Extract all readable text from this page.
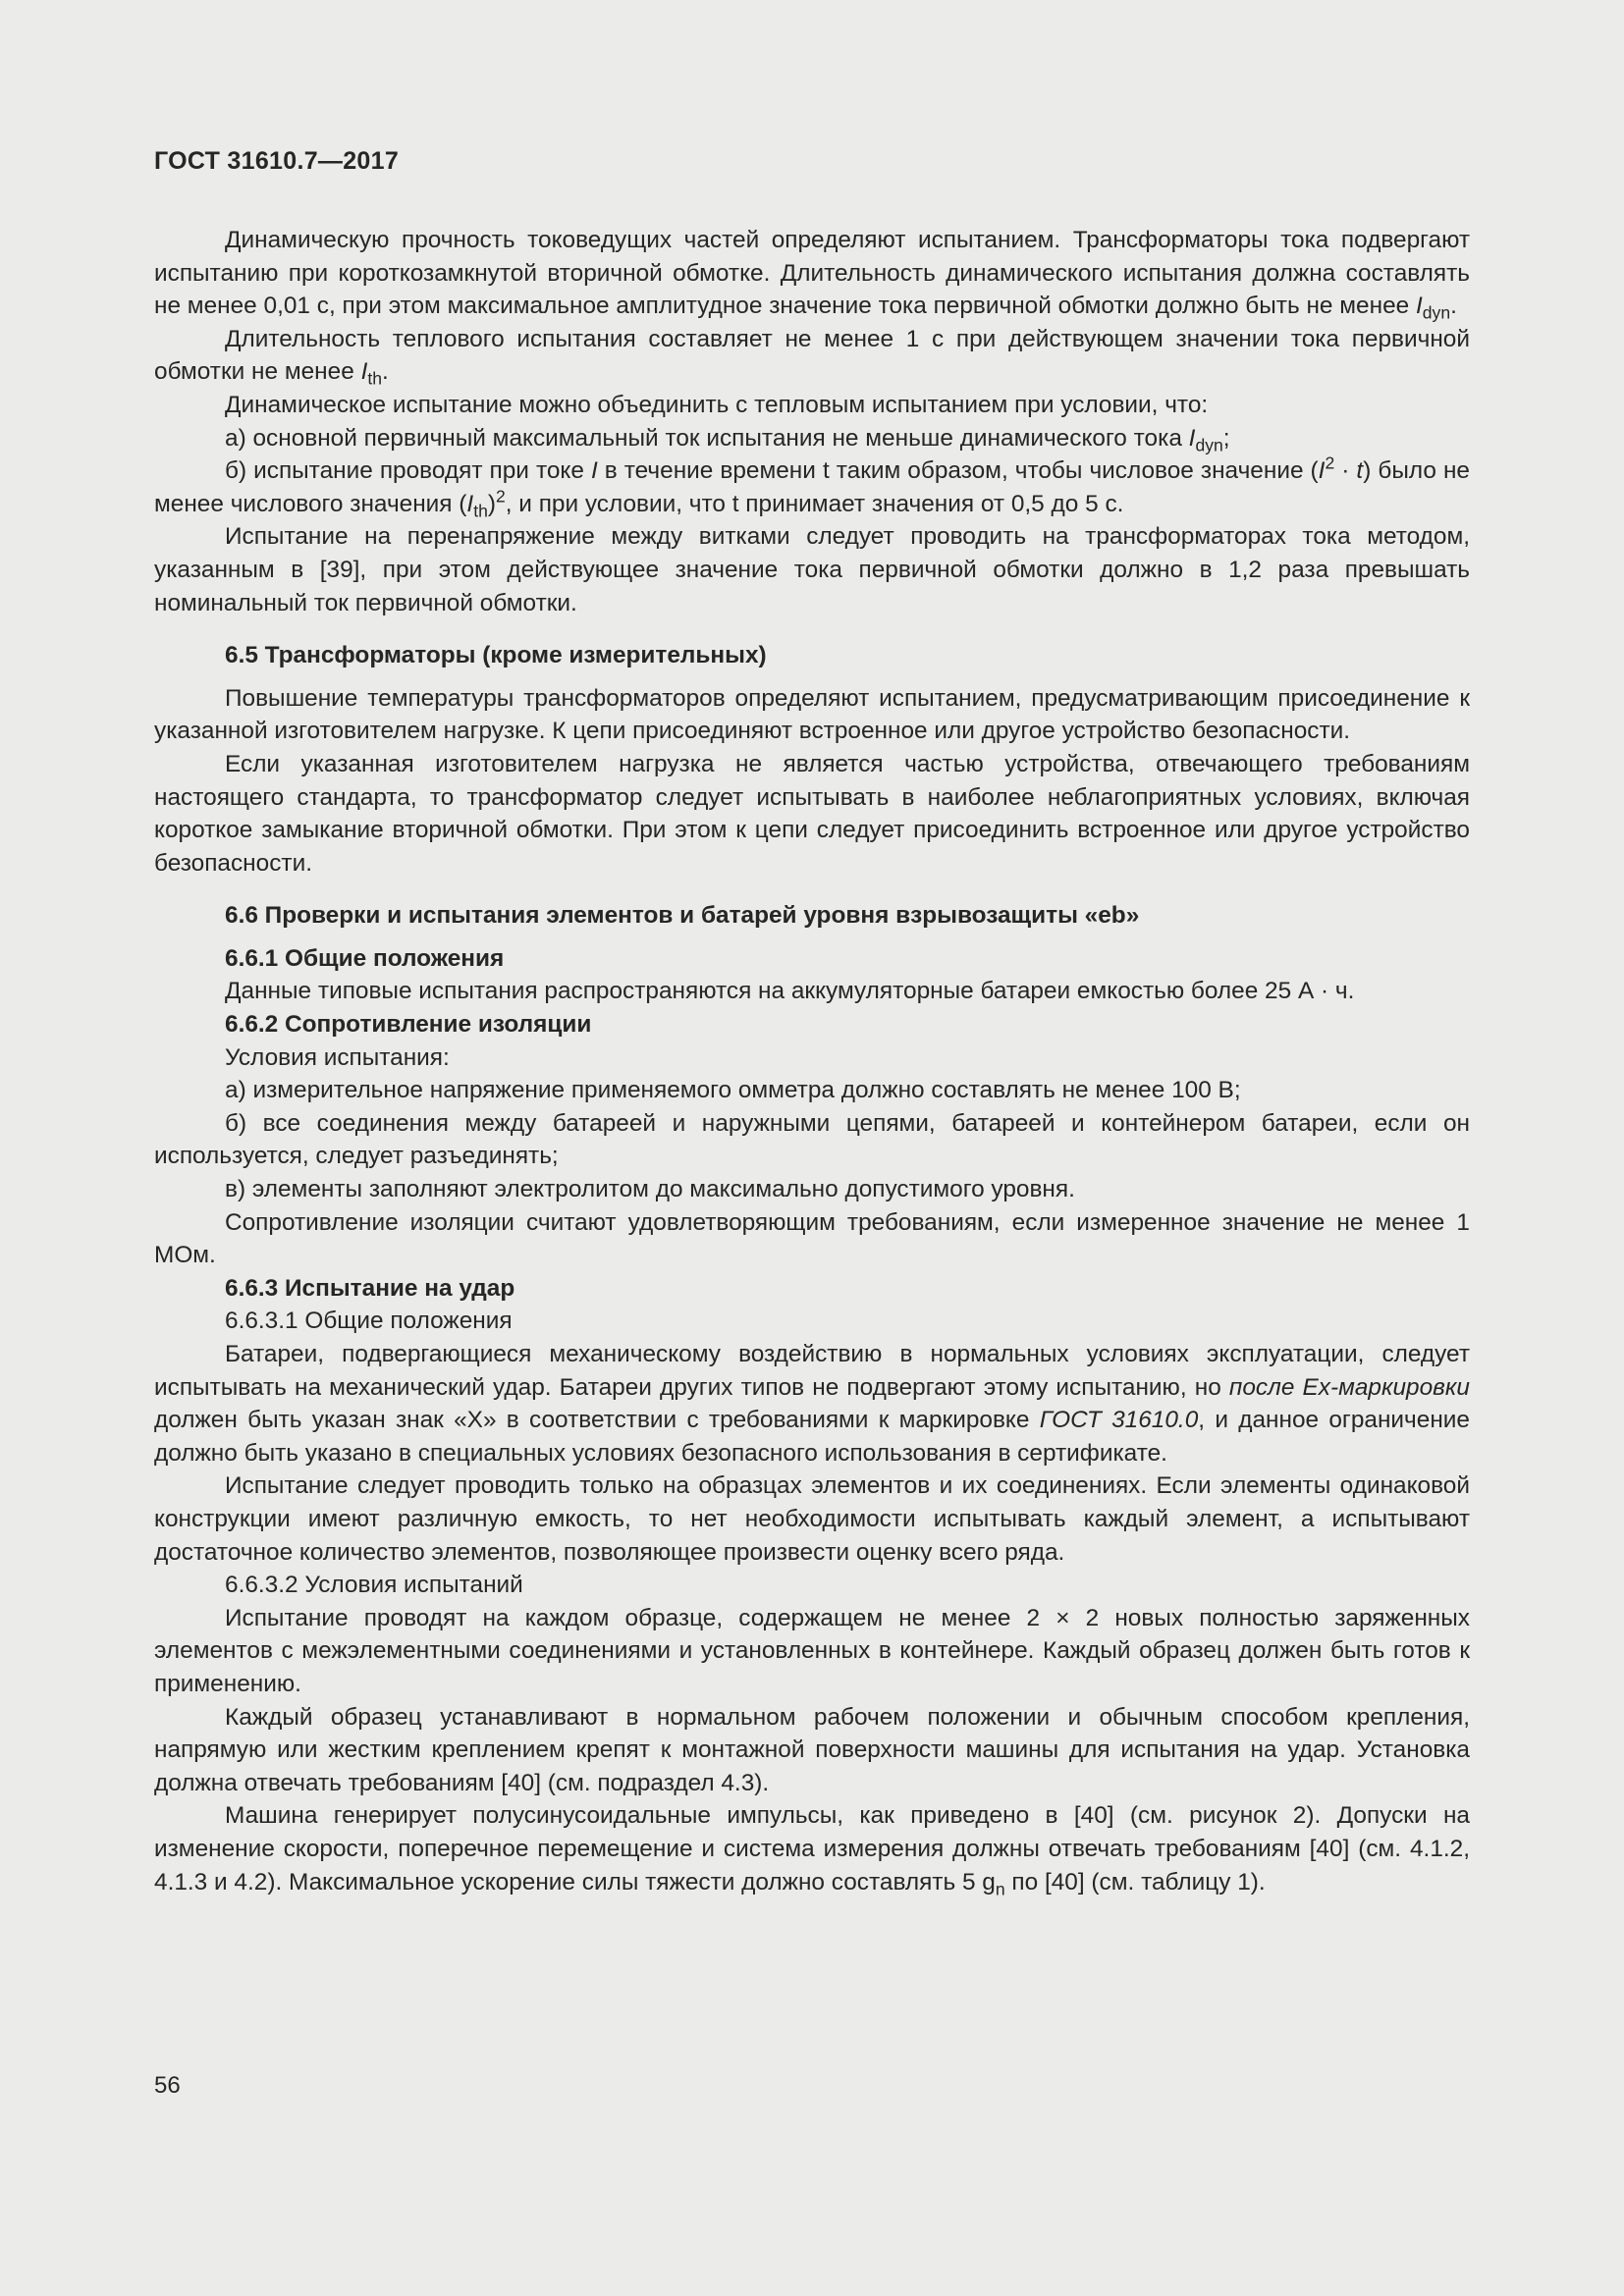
ГОСТ 31610.7—2017

Динамическую прочность токоведущих частей определяют испытанием. Трансформаторы тока подвергают испытанию при короткозамкнутой вторичной обмотке. Длительность динамического испытания должна составлять не менее 0,01 с, при этом максимальное амплитудное значение тока первичной обмотки должно быть не менее $I_{dyn}$.

Длительность теплового испытания составляет не менее 1 с при действующем значении тока первичной обмотки не менее $I_{th}$.

Динамическое испытание можно объединить с тепловым испытанием при условии, что:

а) основной первичный максимальный ток испытания не меньше динамического тока $I_{dyn}$;

б) испытание проводят при токе I в течение времени t таким образом, чтобы числовое значение $(I^2 \cdot t)$ было не менее числового значения $(I_{th})^2$, и при условии, что t принимает значения от 0,5 до 5 с.

Испытание на перенапряжение между витками следует проводить на трансформаторах тока методом, указанным в [39], при этом действующее значение тока первичной обмотки должно в 1,2 раза превышать номинальный ток первичной обмотки.

6.5 Трансформаторы (кроме измерительных)

Повышение температуры трансформаторов определяют испытанием, предусматривающим присоединение к указанной изготовителем нагрузке. К цепи присоединяют встроенное или другое устройство безопасности.

Если указанная изготовителем нагрузка не является частью устройства, отвечающего требованиям настоящего стандарта, то трансформатор следует испытывать в наиболее неблагоприятных условиях, включая короткое замыкание вторичной обмотки. При этом к цепи следует присоединить встроенное или другое устройство безопасности.

6.6 Проверки и испытания элементов и батарей уровня взрывозащиты «eb»
6.6.1 Общие положения

Данные типовые испытания распространяются на аккумуляторные батареи емкостью более 25 А · ч.

6.6.2 Сопротивление изоляции

Условия испытания:

а) измерительное напряжение применяемого омметра должно составлять не менее 100 В;

б) все соединения между батареей и наружными цепями, батареей и контейнером батареи, если он используется, следует разъединять;

в) элементы заполняют электролитом до максимально допустимого уровня.

Сопротивление изоляции считают удовлетворяющим требованиям, если измеренное значение не менее 1 МОм.

6.6.3 Испытание на удар

6.6.3.1 Общие положения

Батареи, подвергающиеся механическому воздействию в нормальных условиях эксплуатации, следует испытывать на механический удар. Батареи других типов не подвергают этому испытанию, но после Ex-маркировки должен быть указан знак «X» в соответствии с требованиями к маркировке ГОСТ 31610.0, и данное ограничение должно быть указано в специальных условиях безопасного использования в сертификате.

Испытание следует проводить только на образцах элементов и их соединениях. Если элементы одинаковой конструкции имеют различную емкость, то нет необходимости испытывать каждый элемент, а испытывают достаточное количество элементов, позволяющее произвести оценку всего ряда.

6.6.3.2 Условия испытаний

Испытание проводят на каждом образце, содержащем не менее 2 × 2 новых полностью заряженных элементов с межэлементными соединениями и установленных в контейнере. Каждый образец должен быть готов к применению.

Каждый образец устанавливают в нормальном рабочем положении и обычным способом крепления, напрямую или жестким креплением крепят к монтажной поверхности машины для испытания на удар. Установка должна отвечать требованиям [40] (см. подраздел 4.3).

Машина генерирует полусинусоидальные импульсы, как приведено в [40] (см. рисунок 2). Допуски на изменение скорости, поперечное перемещение и система измерения должны отвечать требованиям [40] (см. 4.1.2, 4.1.3 и 4.2). Максимальное ускорение силы тяжести должно составлять 5 $g_n$ по [40] (см. таблицу 1).

56
